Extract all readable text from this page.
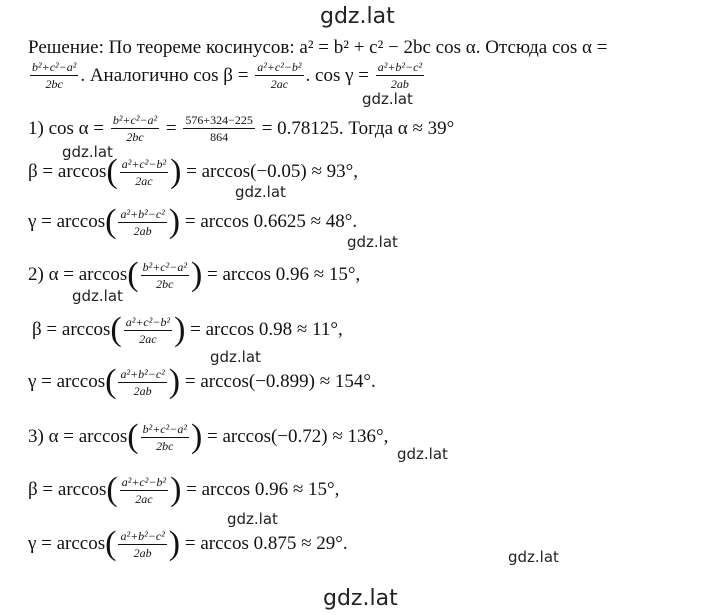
gdz.lat
gdz.lat
gdz.lat
gdz.lat
gdz.lat
gdz.lat
gdz.lat
gdz.lat
gdz.lat
gdz.lat
gdz.lat
Решение: По теореме косинусов: a² = b² + c² − 2bc cos α. Отсюда cos α =
$\frac{\text{b²+c²−a²}}{2bc}$ . Аналогично $\cos \beta = \frac{\text{a²+c²−b²}}{2ac}$ . $\cos \gamma = \frac{\text{a²+b²−c²}}{2ab}$
1) $\cos \alpha = \frac{\text{b²+c²−a²}}{2bc} = \frac{576+324-225}{864} = 0.78125$. Тогда α ≈ 39°
$\beta = \arccos( \frac{\text{a²+c²−b²}}{2ac}$ ) = arccos(−0.05) ≈ 93°,
$\gamma = \arccos( \frac{\text{a²+b²−c²}}{2ab}$ ) = arccos 0.6625 ≈ 48°.
2) $\alpha = \arccos( \frac{\text{b²+c²−a²}}{2bc}$ ) = arccos 0.96 ≈ 15°,
$\beta = \arccos( \frac{\text{a²+c²−b²}}{2ac}$ ) = arccos 0.98 ≈ 11°,
$\gamma = \arccos( \frac{\text{a²+b²−c²}}{2ab}$ ) = arccos(−0.899) ≈ 154°.
3) $\alpha = \arccos( \frac{\text{b²+c²−a²}}{2bc}$ ) = arccos(−0.72) ≈ 136°,
$\beta = \arccos( \frac{\text{a²+c²−b²}}{2ac}$ ) = arccos 0.96 ≈ 15°,
$\gamma = \arccos( \frac{\text{a²+b²−c²}}{2ab}$ ) = arccos 0.875 ≈ 29°.
